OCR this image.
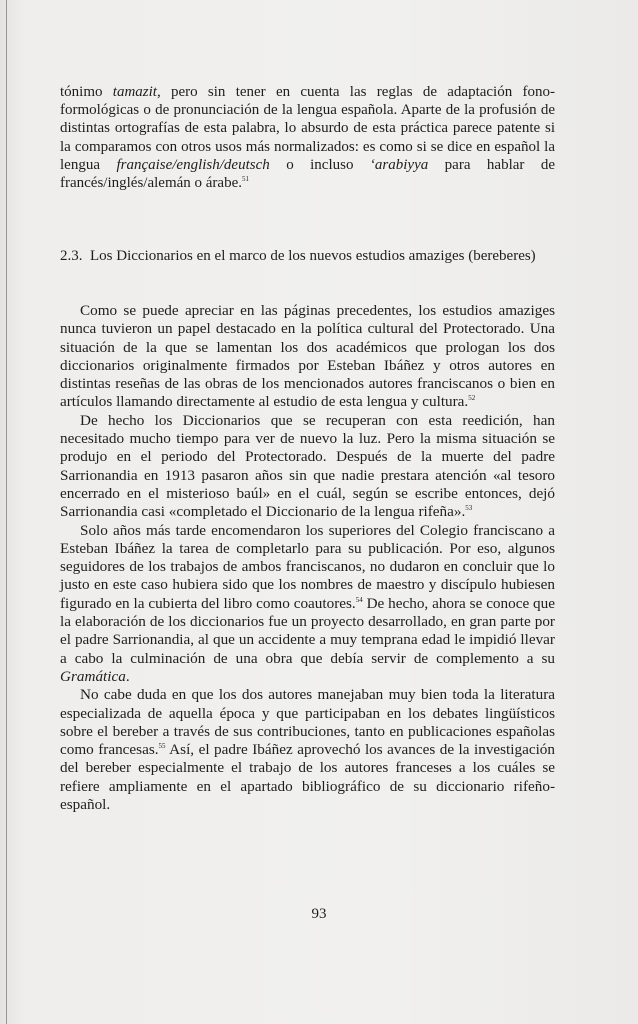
tónimo tamazit, pero sin tener en cuenta las reglas de adaptación fono-formológicas o de pronunciación de la lengua española. Aparte de la profusión de distintas ortografías de esta palabra, lo absurdo de esta práctica parece patente si la comparamos con otros usos más normalizados: es como si se dice en español la lengua française/english/deutsch o incluso ‘arabiyya para hablar de francés/inglés/alemán o árabe.$^{51}$

2.3. Los Diccionarios en el marco de los nuevos estudios amaziges (bereberes)

Como se puede apreciar en las páginas precedentes, los estudios amaziges nunca tuvieron un papel destacado en la política cultural del Protectorado. Una situación de la que se lamentan los dos académicos que prologan los dos diccionarios originalmente firmados por Esteban Ibáñez y otros autores en distintas reseñas de las obras de los mencionados autores franciscanos o bien en artículos llamando directamente al estudio de esta lengua y cultura.$^{52}$

De hecho los Diccionarios que se recuperan con esta reedición, han necesitado mucho tiempo para ver de nuevo la luz. Pero la misma situación se produjo en el periodo del Protectorado. Después de la muerte del padre Sarrionandia en 1913 pasaron años sin que nadie prestara atención «al tesoro encerrado en el misterioso baúl» en el cuál, según se escribe entonces, dejó Sarrionandia casi «completado el Diccionario de la lengua rifeña».$^{53}$

Solo años más tarde encomendaron los superiores del Colegio franciscano a Esteban Ibáñez la tarea de completarlo para su publicación. Por eso, algunos seguidores de los trabajos de ambos franciscanos, no dudaron en concluir que lo justo en este caso hubiera sido que los nombres de maestro y discípulo hubiesen figurado en la cubierta del libro como coautores.$^{54}$ De hecho, ahora se conoce que la elaboración de los diccionarios fue un proyecto desarrollado, en gran parte por el padre Sarrionandia, al que un accidente a muy temprana edad le impidió llevar a cabo la culminación de una obra que debía servir de complemento a su Gramática.

No cabe duda en que los dos autores manejaban muy bien toda la literatura especializada de aquella época y que participaban en los debates lingüísticos sobre el bereber a través de sus contribuciones, tanto en publicaciones españolas como francesas.$^{55}$ Así, el padre Ibáñez aprovechó los avances de la investigación del bereber especialmente el trabajo de los autores franceses a los cuáles se refiere ampliamente en el apartado bibliográfico de su diccionario rifeño-español.

93
